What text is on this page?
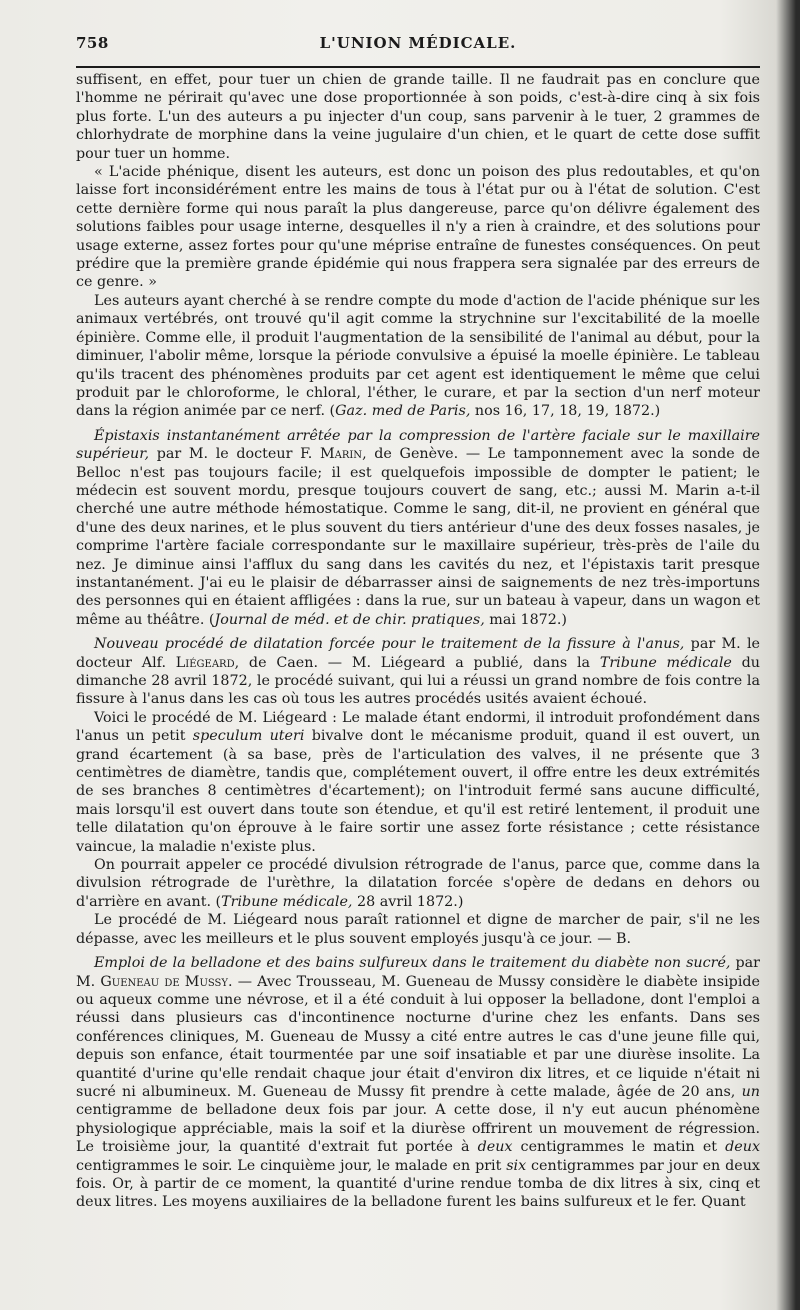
758	L'UNION MÉDICALE.

suffisent, en effet, pour tuer un chien de grande taille. Il ne faudrait pas en conclure que l'homme ne périrait qu'avec une dose proportionnée à son poids, c'est-à-dire cinq à six fois plus forte. L'un des auteurs a pu injecter d'un coup, sans parvenir à le tuer, 2 grammes de chlorhydrate de morphine dans la veine jugulaire d'un chien, et le quart de cette dose suffit pour tuer un homme.

« L'acide phénique, disent les auteurs, est donc un poison des plus redoutables, et qu'on laisse fort inconsidérément entre les mains de tous à l'état pur ou à l'état de solution. C'est cette dernière forme qui nous paraît la plus dangereuse, parce qu'on délivre également des solutions faibles pour usage interne, desquelles il n'y a rien à craindre, et des solutions pour usage externe, assez fortes pour qu'une méprise entraîne de funestes conséquences. On peut prédire que la première grande épidémie qui nous frappera sera signalée par des erreurs de ce genre. »

Les auteurs ayant cherché à se rendre compte du mode d'action de l'acide phénique sur les animaux vertébrés, ont trouvé qu'il agit comme la strychnine sur l'excitabilité de la moelle épinière. Comme elle, il produit l'augmentation de la sensibilité de l'animal au début, pour la diminuer, l'abolir même, lorsque la période convulsive a épuisé la moelle épinière. Le tableau qu'ils tracent des phénomènes produits par cet agent est identiquement le même que celui produit par le chloroforme, le chloral, l'éther, le curare, et par la section d'un nerf moteur dans la région animée par ce nerf. (Gaz. med de Paris, nos 16, 17, 18, 19, 1872.)

Épistaxis instantanément arrêtée par la compression de l'artère faciale sur le maxillaire supérieur, par M. le docteur F. Marin, de Genève. — Le tamponnement avec la sonde de Belloc n'est pas toujours facile; il est quelquefois impossible de dompter le patient; le médecin est souvent mordu, presque toujours couvert de sang, etc.; aussi M. Marin a-t-il cherché une autre méthode hémostatique. Comme le sang, dit-il, ne provient en général que d'une des deux narines, et le plus souvent du tiers antérieur d'une des deux fosses nasales, je comprime l'artère faciale correspondante sur le maxillaire supérieur, très-près de l'aile du nez. Je diminue ainsi l'afflux du sang dans les cavités du nez, et l'épistaxis tarit presque instantanément. J'ai eu le plaisir de débarrasser ainsi de saignements de nez très-importuns des personnes qui en étaient affligées : dans la rue, sur un bateau à vapeur, dans un wagon et même au théâtre. (Journal de méd. et de chir. pratiques, mai 1872.)

Nouveau procédé de dilatation forcée pour le traitement de la fissure à l'anus, par M. le docteur Alf. Liégeard, de Caen. — M. Liégeard a publié, dans la Tribune médicale du dimanche 28 avril 1872, le procédé suivant, qui lui a réussi un grand nombre de fois contre la fissure à l'anus dans les cas où tous les autres procédés usités avaient échoué.

Voici le procédé de M. Liégeard : Le malade étant endormi, il introduit profondément dans l'anus un petit speculum uteri bivalve dont le mécanisme produit, quand il est ouvert, un grand écartement (à sa base, près de l'articulation des valves, il ne présente que 3 centimètres de diamètre, tandis que, complétement ouvert, il offre entre les deux extrémités de ses branches 8 centimètres d'écartement); on l'introduit fermé sans aucune difficulté, mais lorsqu'il est ouvert dans toute son étendue, et qu'il est retiré lentement, il produit une telle dilatation qu'on éprouve à le faire sortir une assez forte résistance ; cette résistance vaincue, la maladie n'existe plus.

On pourrait appeler ce procédé divulsion rétrograde de l'anus, parce que, comme dans la divulsion rétrograde de l'urèthre, la dilatation forcée s'opère de dedans en dehors ou d'arrière en avant. (Tribune médicale, 28 avril 1872.)

Le procédé de M. Liégeard nous paraît rationnel et digne de marcher de pair, s'il ne les dépasse, avec les meilleurs et le plus souvent employés jusqu'à ce jour. — B.

Emploi de la belladone et des bains sulfureux dans le traitement du diabète non sucré, par M. Gueneau de Mussy. — Avec Trousseau, M. Gueneau de Mussy considère le diabète insipide ou aqueux comme une névrose, et il a été conduit à lui opposer la belladone, dont l'emploi a réussi dans plusieurs cas d'incontinence nocturne d'urine chez les enfants. Dans ses conférences cliniques, M. Gueneau de Mussy a cité entre autres le cas d'une jeune fille qui, depuis son enfance, était tourmentée par une soif insatiable et par une diurèse insolite. La quantité d'urine qu'elle rendait chaque jour était d'environ dix litres, et ce liquide n'était ni sucré ni albumineux. M. Gueneau de Mussy fit prendre à cette malade, âgée de 20 ans, un centigramme de belladone deux fois par jour. A cette dose, il n'y eut aucun phénomène physiologique appréciable, mais la soif et la diurèse offrirent un mouvement de régression. Le troisième jour, la quantité d'extrait fut portée à deux centigrammes le matin et deux centigrammes le soir. Le cinquième jour, le malade en prit six centigrammes par jour en deux fois. Or, à partir de ce moment, la quantité d'urine rendue tomba de dix litres à six, cinq et deux litres. Les moyens auxiliaires de la belladone furent les bains sulfureux et le fer. Quant
